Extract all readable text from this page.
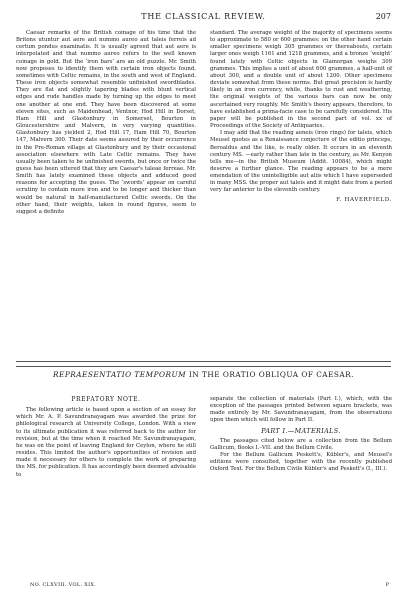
THE CLASSICAL REVIEW.	207

Caesar remarks of the British coinage of his time that the Britons utuntur aut aere aut nummo aureo aut taleis ferreis ad certum pondus examinatis. It is usually agreed that aut aere is interpolated and that nummo aureo refers to the well known coinage in gold. But the ‘iron bars’ are an old puzzle. Mr. Smith now proposes to identify them with certain iron objects found, sometimes with Celtic remains, in the south and west of England. These iron objects somewhat resemble unfinished swordblades. They are flat and slightly tapering blades with blunt vertical edges and rude handles made by turning up the edges to meet one another at one end. They have been discovered at some eleven sites, such as Maidenhead, Ventnor, Hod Hill in Dorset, Ham Hill and Glastonbury in Somerset, Bourton in Gloucestershire and Malvern, in very varying quantities. Glastonbury has yielded 2, Hod Hill 17, Ham Hill 70, Bourton 147, Malvern 300. Their date seems assured by their occurrence in the Pre-Roman village at Glastonbury and by their occasional association elsewhere with Late Celtic remains. They have usually been taken to be unfinished swords, but once or twice the guess has been uttered that they are Caesar's taleae ferreae. Mr. Smith has lately examined these objects and adduced good reasons for accepting the guess. The ‘swords’ appear on careful scrutiny to contain more iron and to be longer and thicker than would be natural in half-manufactured Celtic swords. On the other hand, their weights, taken in round figures, seem to suggest a definite

standard. The average weight of the majority of specimens seems to approximate to 580 or 600 grammes: on the other hand certain smaller specimens weigh 305 grammes or thereabouts, certain larger ones weigh 1161 and 1218 grammes, and a bronze ‘weight’ found lately with Celtic objects in Glamorgan weighs 309 grammes. This implies a unit of about 600 grammes, a half-unit of about 300, and a double unit of about 1200. Other specimens deviate somewhat from these norms. But great precision is hardly likely in an iron currency, while, thanks to rust and weathering, the original weights of the various bars can now be only ascertained very roughly. Mr. Smith's theory appears, therefore, to have established a prima-facie case to be carefully considered. His paper will be published in the second part of vol. xx of Proceedings of the Society of Antiquaries.

I may add that the reading aeneis (iron rings) for taleis, which Meusel quotes as a Renaissance conjecture of the editio princeps, Beroaldus and the like, is really older. It occurs in an eleventh century MS. —early rather than late in the century, as Mr. Kenyon tells me—in the British Museum (Addit. 10084), which might deserve a further glance. The reading appears to be a mere emendation of the unintelligible aut aliis which I have superseded in many MSS. the proper aut taleis and it might date from a period very far anterior to the eleventh century.

F. HAVERFIELD.
REPRAESENTATIO TEMPORUM IN THE ORATIO OBLIQUA OF CAESAR.
PREFATORY NOTE.

The following article is based upon a section of an essay for which Mr. A. P. Savundranayagam was awarded the prize for philological research at University College, London. With a view to its ultimate publication it was referred back to the author for revision, but at the time when it reached Mr. Savundranayagam, he was on the point of leaving England for Ceylon, where he still resides. This limited the author's opportunities of revision and made it necessary for others to complete the work of preparing the MS. for publication. It has accordingly been deemed advisable to

separate the collection of materials (Part I.), which, with the exception of the passages printed between square brackets, was made entirely by Mr. Savundranayagam, from the observations upon them which will follow in Part II.

PART I.—MATERIALS.

The passages cited below are a collection from the Bellum Gallicum, Books I.–VII. and the Bellum Civile.

For the Bellum Gallicum Peskett's, Kübler's, and Meusel's editions were consulted, together with the recently published Oxford Text. For the Bellum Civile Kübler's and Peskett's (I., III.).

NO. CLXVIII. VOL. XIX.	P
